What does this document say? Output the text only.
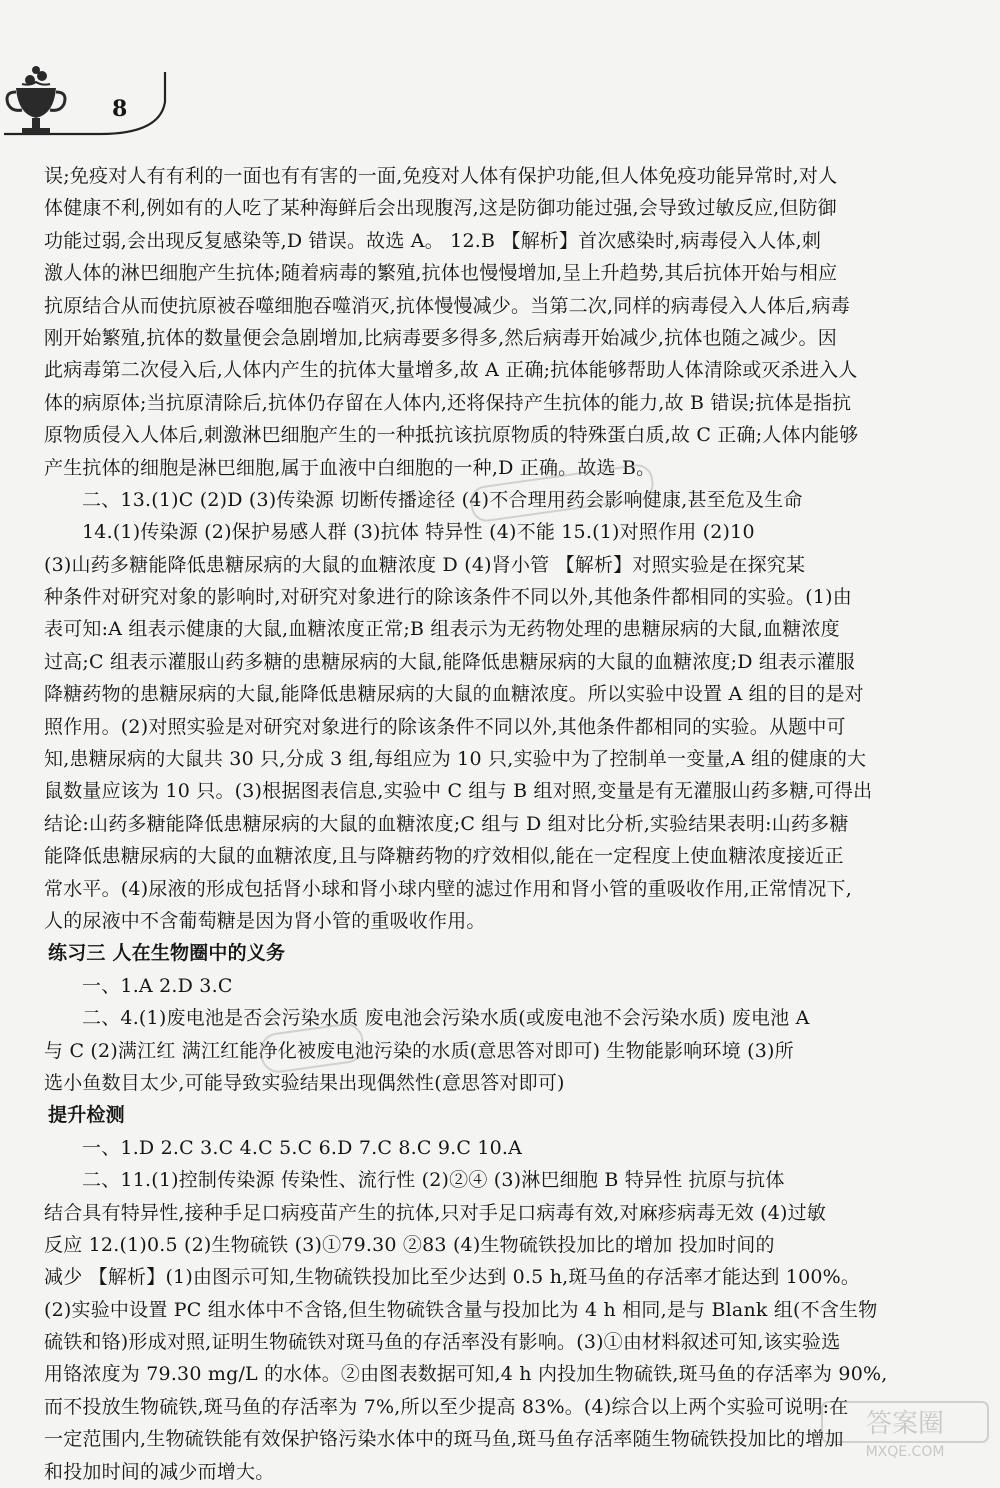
8
误;免疫对人有有利的一面也有有害的一面,免疫对人体有保护功能,但人体免疫功能异常时,对人
体健康不利,例如有的人吃了某种海鲜后会出现腹泻,这是防御功能过强,会导致过敏反应,但防御
功能过弱,会出现反复感染等,D 错误。故选 A。 12.B 【解析】首次感染时,病毒侵入人体,刺
激人体的淋巴细胞产生抗体;随着病毒的繁殖,抗体也慢慢增加,呈上升趋势,其后抗体开始与相应
抗原结合从而使抗原被吞噬细胞吞噬消灭,抗体慢慢减少。当第二次,同样的病毒侵入人体后,病毒
刚开始繁殖,抗体的数量便会急剧增加,比病毒要多得多,然后病毒开始减少,抗体也随之减少。因
此病毒第二次侵入后,人体内产生的抗体大量增多,故 A 正确;抗体能够帮助人体清除或灭杀进入人
体的病原体;当抗原清除后,抗体仍存留在人体内,还将保持产生抗体的能力,故 B 错误;抗体是指抗
原物质侵入人体后,刺激淋巴细胞产生的一种抵抗该抗原物质的特殊蛋白质,故 C 正确;人体内能够
产生抗体的细胞是淋巴细胞,属于血液中白细胞的一种,D 正确。故选 B。
二、13.(1)C (2)D (3)传染源 切断传播途径 (4)不合理用药会影响健康,甚至危及生命
14.(1)传染源 (2)保护易感人群 (3)抗体 特异性 (4)不能 15.(1)对照作用 (2)10
(3)山药多糖能降低患糖尿病的大鼠的血糖浓度 D (4)肾小管 【解析】对照实验是在探究某
种条件对研究对象的影响时,对研究对象进行的除该条件不同以外,其他条件都相同的实验。(1)由
表可知:A 组表示健康的大鼠,血糖浓度正常;B 组表示为无药物处理的患糖尿病的大鼠,血糖浓度
过高;C 组表示灌服山药多糖的患糖尿病的大鼠,能降低患糖尿病的大鼠的血糖浓度;D 组表示灌服
降糖药物的患糖尿病的大鼠,能降低患糖尿病的大鼠的血糖浓度。所以实验中设置 A 组的目的是对
照作用。(2)对照实验是对研究对象进行的除该条件不同以外,其他条件都相同的实验。从题中可
知,患糖尿病的大鼠共 30 只,分成 3 组,每组应为 10 只,实验中为了控制单一变量,A 组的健康的大
鼠数量应该为 10 只。(3)根据图表信息,实验中 C 组与 B 组对照,变量是有无灌服山药多糖,可得出
结论:山药多糖能降低患糖尿病的大鼠的血糖浓度;C 组与 D 组对比分析,实验结果表明:山药多糖
能降低患糖尿病的大鼠的血糖浓度,且与降糖药物的疗效相似,能在一定程度上使血糖浓度接近正
常水平。(4)尿液的形成包括肾小球和肾小球内壁的滤过作用和肾小管的重吸收作用,正常情况下,
人的尿液中不含葡萄糖是因为肾小管的重吸收作用。
练习三 人在生物圈中的义务
一、1.A 2.D 3.C
二、4.(1)废电池是否会污染水质 废电池会污染水质(或废电池不会污染水质) 废电池 A
与 C (2)满江红 满江红能净化被废电池污染的水质(意思答对即可) 生物能影响环境 (3)所
选小鱼数目太少,可能导致实验结果出现偶然性(意思答对即可)
提升检测
一、1.D 2.C 3.C 4.C 5.C 6.D 7.C 8.C 9.C 10.A
二、11.(1)控制传染源 传染性、流行性 (2)②④ (3)淋巴细胞 B 特异性 抗原与抗体
结合具有特异性,接种手足口病疫苗产生的抗体,只对手足口病毒有效,对麻疹病毒无效 (4)过敏
反应 12.(1)0.5 (2)生物硫铁 (3)①79.30 ②83 (4)生物硫铁投加比的增加 投加时间的
减少 【解析】(1)由图示可知,生物硫铁投加比至少达到 0.5 h,斑马鱼的存活率才能达到 100%。
(2)实验中设置 PC 组水体中不含铬,但生物硫铁含量与投加比为 4 h 相同,是与 Blank 组(不含生物
硫铁和铬)形成对照,证明生物硫铁对斑马鱼的存活率没有影响。(3)①由材料叙述可知,该实验选
用铬浓度为 79.30 mg/L 的水体。②由图表数据可知,4 h 内投加生物硫铁,斑马鱼的存活率为 90%,
而不投放生物硫铁,斑马鱼的存活率为 7%,所以至少提高 83%。(4)综合以上两个实验可说明:在
一定范围内,生物硫铁能有效保护铬污染水体中的斑马鱼,斑马鱼存活率随生物硫铁投加比的增加
和投加时间的减少而增大。
答案圈
MXQE.COM
